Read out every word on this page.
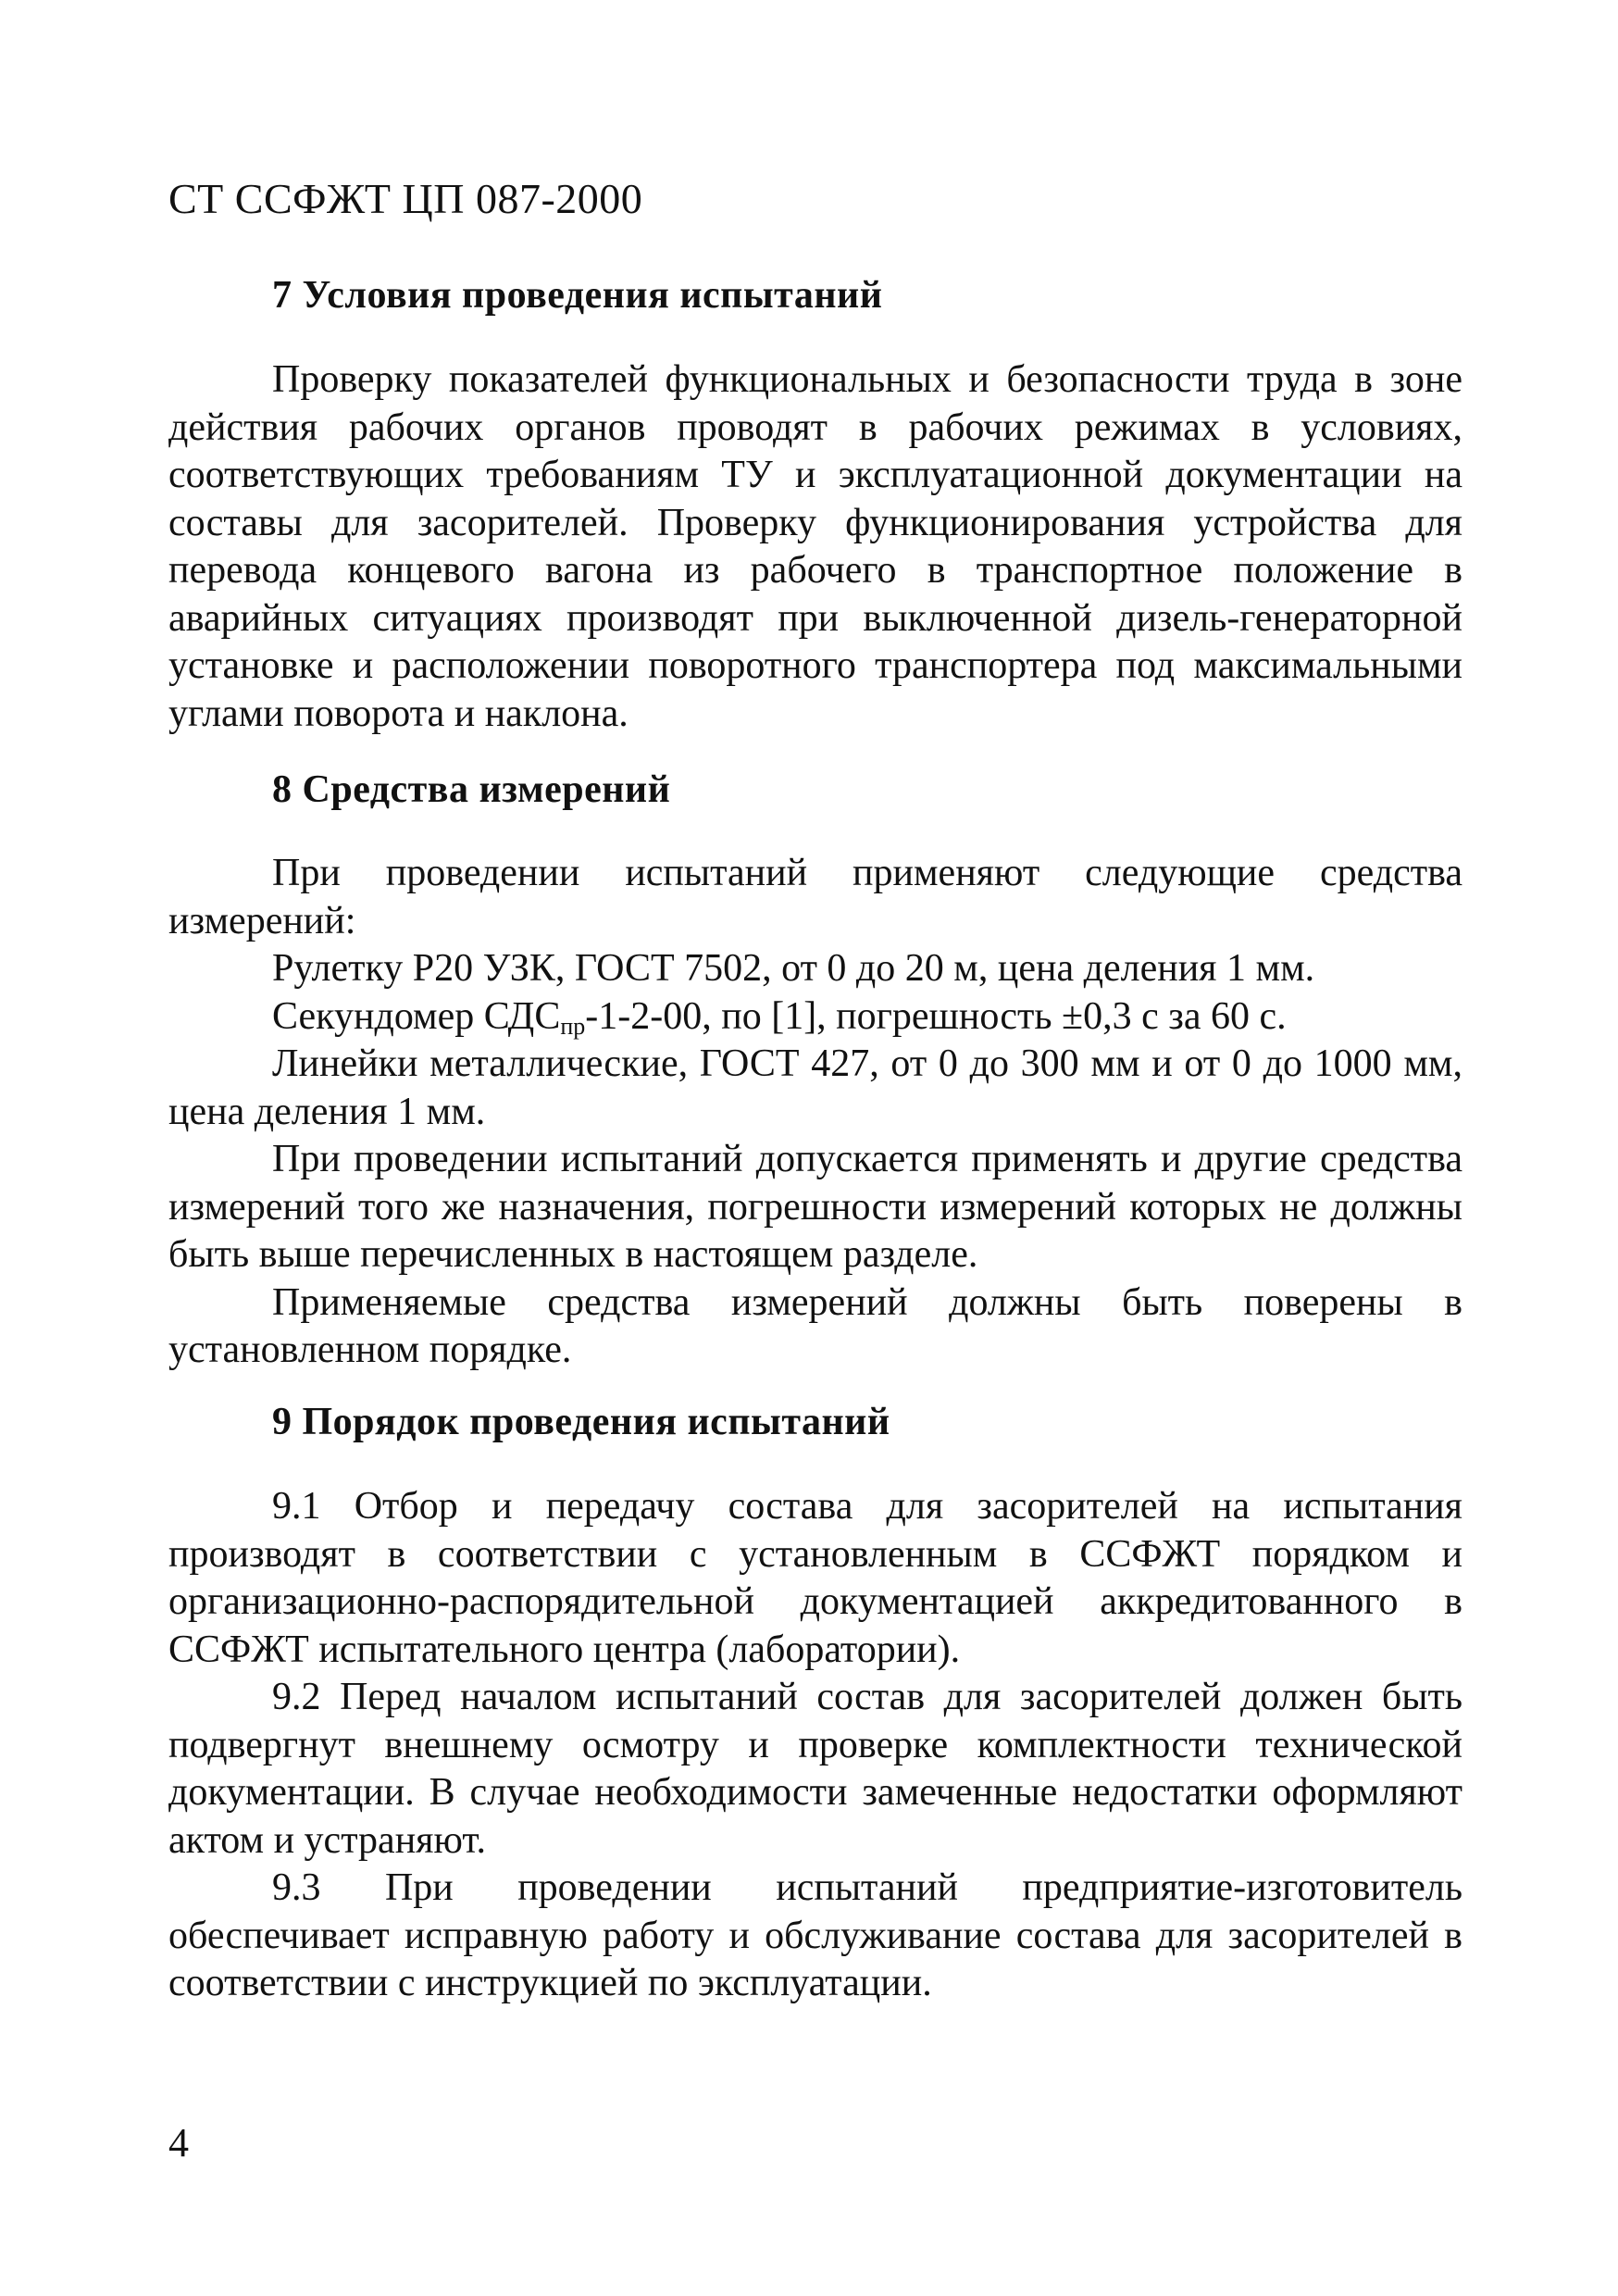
СТ ССФЖТ ЦП 087-2000
7 Условия проведения испытаний

Проверку показателей функциональных и безопасности труда в зоне действия рабочих органов проводят в рабочих режимах в условиях, соответствующих требованиям ТУ и эксплуатационной документации на составы для засорителей. Проверку функционирования устройства для перевода концевого вагона из рабочего в транспортное положение в аварийных ситуациях производят при выключенной дизель-генераторной установке и расположении поворотного транспортера под максимальными углами поворота и наклона.

8 Средства измерений

При проведении испытаний применяют следующие средства измерений:

Рулетку Р20 УЗК, ГОСТ 7502, от 0 до 20 м, цена деления 1 мм.

Секундомер $СДС_{пр}-1-2-00$, по [1], погрешность ±0,3 с за 60 с.

Линейки металлические, ГОСТ 427, от 0 до 300 мм и от 0 до 1000 мм, цена деления 1 мм.

При проведении испытаний допускается применять и другие средства измерений того же назначения, погрешности измерений которых не должны быть выше перечисленных в настоящем разделе.

Применяемые средства измерений должны быть поверены в установленном порядке.

9 Порядок проведения испытаний

9.1 Отбор и передачу состава для засорителей на испытания производят в соответствии с установленным в ССФЖТ порядком и организационно-распорядительной документацией аккредитованного в ССФЖТ испытательного центра (лаборатории).

9.2 Перед началом испытаний состав для засорителей должен быть подвергнут внешнему осмотру и проверке комплектности технической документации. В случае необходимости замеченные недостатки оформляют актом и устраняют.

9.3 При проведении испытаний предприятие-изготовитель обеспечивает исправную работу и обслуживание состава для засорителей в соответствии с инструкцией по эксплуатации.

4
